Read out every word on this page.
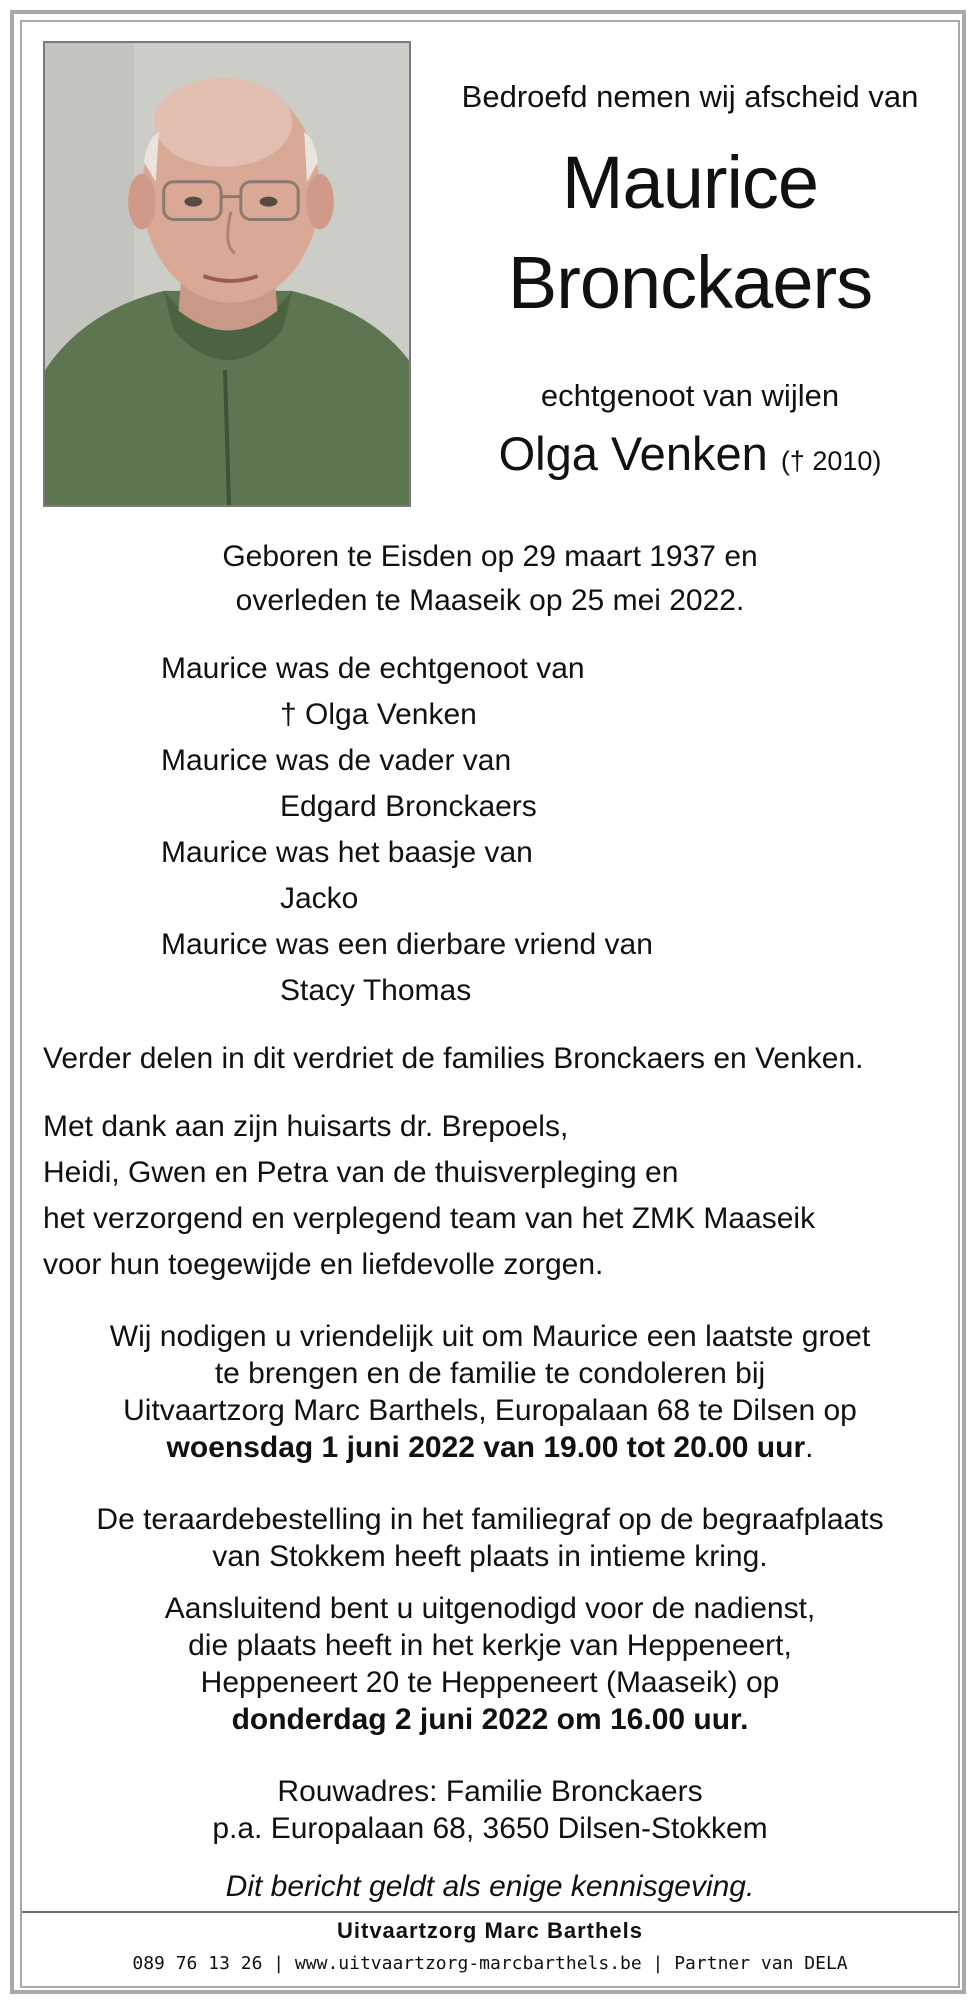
Bedroefd nemen wij afscheid van
Maurice
Bronckaers
echtgenoot van wijlen
Olga Venken († 2010)
Geboren te Eisden op 29 maart 1937 en
overleden te Maaseik op 25 mei 2022.
Maurice was de echtgenoot van
† Olga Venken
Maurice was de vader van
Edgard Bronckaers
Maurice was het baasje van
Jacko
Maurice was een dierbare vriend van
Stacy Thomas
Verder delen in dit verdriet de families Bronckaers en Venken.
Met dank aan zijn huisarts dr. Brepoels,
Heidi, Gwen en Petra van de thuisverpleging en
het verzorgend en verplegend team van het ZMK Maaseik
voor hun toegewijde en liefdevolle zorgen.
Wij nodigen u vriendelijk uit om Maurice een laatste groet
te brengen en de familie te condoleren bij
Uitvaartzorg Marc Barthels, Europalaan 68 te Dilsen op
woensdag 1 juni 2022 van 19.00 tot 20.00 uur.
De teraardebestelling in het familiegraf op de begraafplaats
van Stokkem heeft plaats in intieme kring.
Aansluitend bent u uitgenodigd voor de nadienst,
die plaats heeft in het kerkje van Heppeneert,
Heppeneert 20 te Heppeneert (Maaseik) op
donderdag 2 juni 2022 om 16.00 uur.
Rouwadres: Familie Bronckaers
p.a. Europalaan 68, 3650 Dilsen-Stokkem
Dit bericht geldt als enige kennisgeving.
Uitvaartzorg Marc Barthels
089 76 13 26 | www.uitvaartzorg-marcbarthels.be | Partner van DELA
